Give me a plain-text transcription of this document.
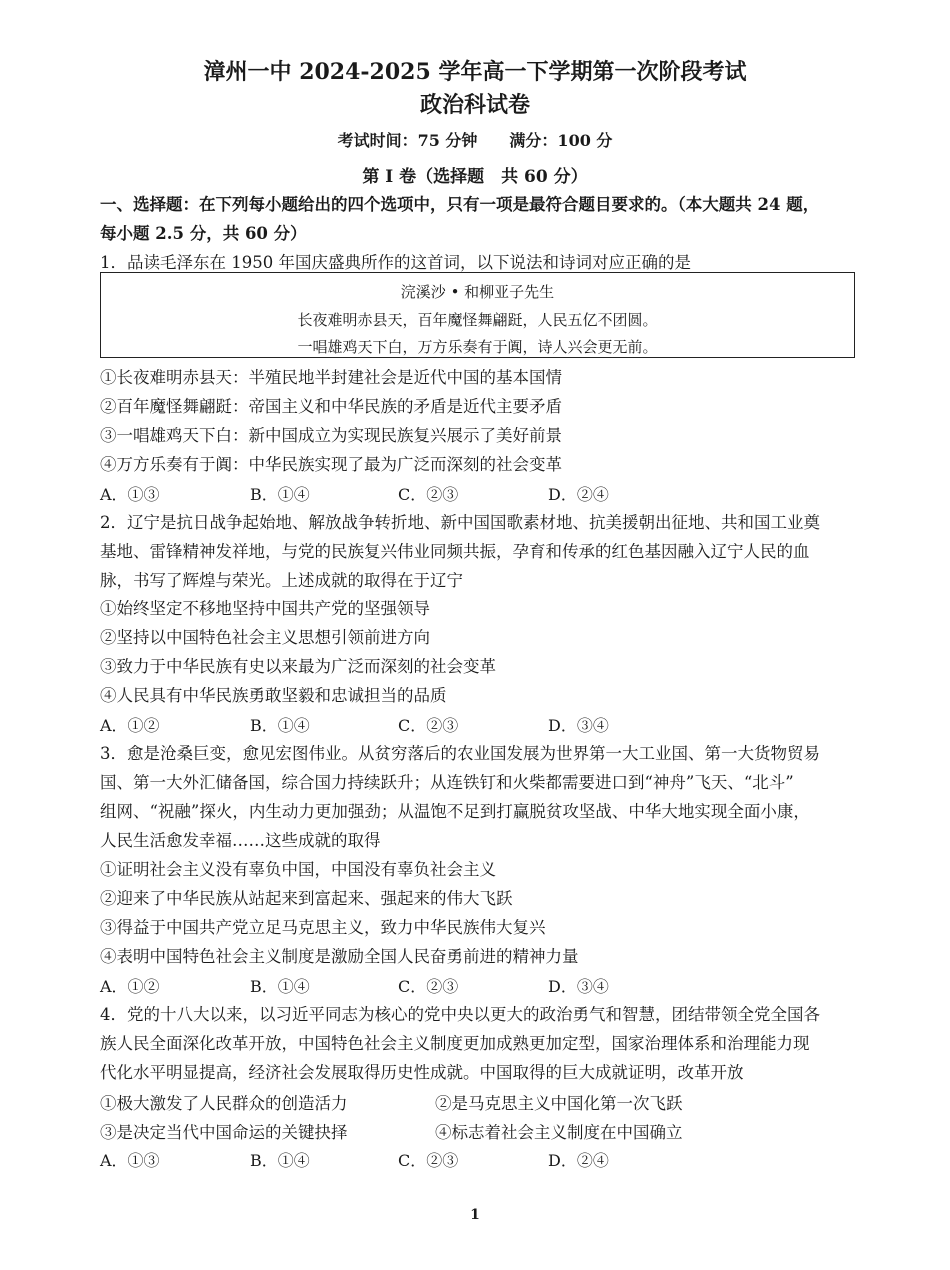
漳州一中 2024-2025 学年高一下学期第一次阶段考试
政治科试卷
考试时间：75 分钟　　满分：100 分
第 I 卷（选择题　共 60 分）
一、选择题：在下列每小题给出的四个选项中，只有一项是最符合题目要求的。（本大题共 24 题，
每小题 2.5 分，共 60 分）
1．品读毛泽东在 1950 年国庆盛典所作的这首词，以下说法和诗词对应正确的是
浣溪沙 • 和柳亚子先生
长夜难明赤县天，百年魔怪舞翩跹，人民五亿不团圆。
一唱雄鸡天下白，万方乐奏有于阗，诗人兴会更无前。
①长夜难明赤县天：半殖民地半封建社会是近代中国的基本国情
②百年魔怪舞翩跹：帝国主义和中华民族的矛盾是近代主要矛盾
③一唱雄鸡天下白：新中国成立为实现民族复兴展示了美好前景
④万方乐奏有于阗：中华民族实现了最为广泛而深刻的社会变革
A．①③	B．①④	C．②③	D．②④
2．辽宁是抗日战争起始地、解放战争转折地、新中国国歌素材地、抗美援朝出征地、共和国工业奠
基地、雷锋精神发祥地，与党的民族复兴伟业同频共振，孕育和传承的红色基因融入辽宁人民的血
脉，书写了辉煌与荣光。上述成就的取得在于辽宁
①始终坚定不移地坚持中国共产党的坚强领导
②坚持以中国特色社会主义思想引领前进方向
③致力于中华民族有史以来最为广泛而深刻的社会变革
④人民具有中华民族勇敢坚毅和忠诚担当的品质
A．①②	B．①④	C．②③	D．③④
3．愈是沧桑巨变，愈见宏图伟业。从贫穷落后的农业国发展为世界第一大工业国、第一大货物贸易
国、第一大外汇储备国，综合国力持续跃升；从连铁钉和火柴都需要进口到“神舟”飞天、“北斗”
组网、“祝融”探火，内生动力更加强劲；从温饱不足到打赢脱贫攻坚战、中华大地实现全面小康，
人民生活愈发幸福……这些成就的取得
①证明社会主义没有辜负中国，中国没有辜负社会主义
②迎来了中华民族从站起来到富起来、强起来的伟大飞跃
③得益于中国共产党立足马克思主义，致力中华民族伟大复兴
④表明中国特色社会主义制度是激励全国人民奋勇前进的精神力量
A．①②	B．①④	C．②③	D．③④
4．党的十八大以来，以习近平同志为核心的党中央以更大的政治勇气和智慧，团结带领全党全国各
族人民全面深化改革开放，中国特色社会主义制度更加成熟更加定型，国家治理体系和治理能力现
代化水平明显提高，经济社会发展取得历史性成就。中国取得的巨大成就证明，改革开放
①极大激发了人民群众的创造活力	②是马克思主义中国化第一次飞跃
③是决定当代中国命运的关键抉择	④标志着社会主义制度在中国确立
A．①③	B．①④	C．②③	D．②④
1
